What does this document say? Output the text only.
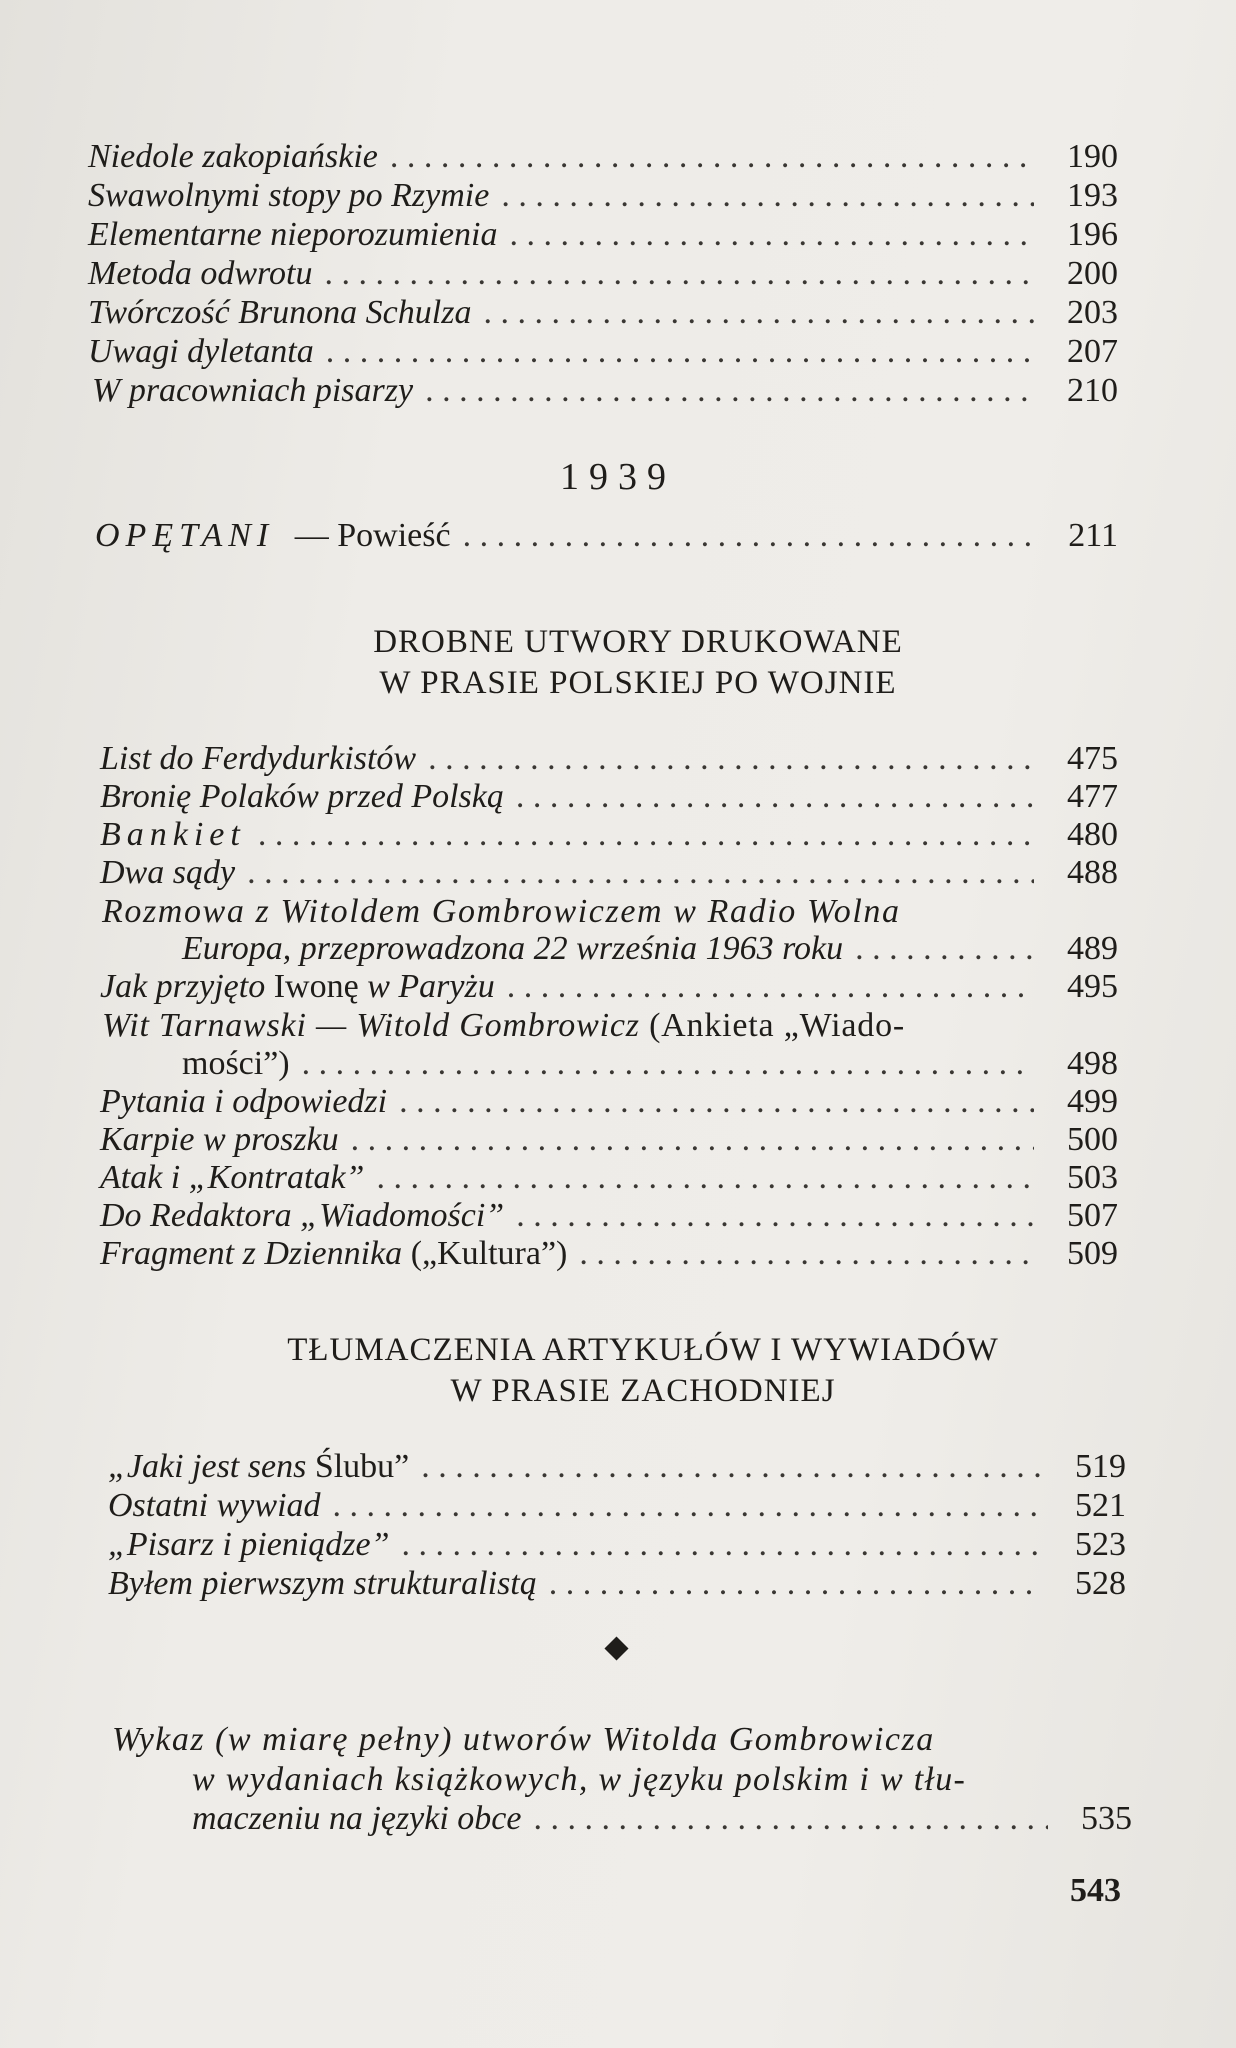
Niedole zakopiańskie . . .	190
Swawolnymi stopy po Rzymie . . .	193
Elementarne nieporozumienia . . .	196
Metoda odwrotu . . .	200
Twórczość Brunona Schulza . . .	203
Uwagi dyletanta . . .	207
W pracowniach pisarzy . . .	210
1939
OPĘTANI — Powieść . . .	211
DROBNE UTWORY DRUKOWANE
W PRASIE POLSKIEJ PO WOJNIE
List do Ferdydurkistów . . .	475
Bronię Polaków przed Polską . . .	477
Bankiet . . .	480
Dwa sądy . . .	488
Rozmowa z Witoldem Gombrowiczem w Radio Wolna
Europa, przeprowadzona 22 września 1963 roku . . .	489
Jak przyjęto Iwonę w Paryżu . . .	495
Wit Tarnawski — Witold Gombrowicz (Ankieta „Wiado-
mości”) . . .	498
Pytania i odpowiedzi . . .	499
Karpie w proszku . . .	500
Atak i „Kontratak” . . .	503
Do Redaktora „Wiadomości” . . .	507
Fragment z Dziennika („Kultura”) . . .	509
TŁUMACZENIA ARTYKUŁÓW I WYWIADÓW
W PRASIE ZACHODNIEJ
„Jaki jest sens Ślubu” . . .	519
Ostatni wywiad . . .	521
„Pisarz i pieniądze” . . .	523
Byłem pierwszym strukturalistą . . .	528
Wykaz (w miarę pełny) utworów Witolda Gombrowicza
w wydaniach książkowych, w języku polskim i w tłu-
maczeniu na języki obce . . .	535
543
